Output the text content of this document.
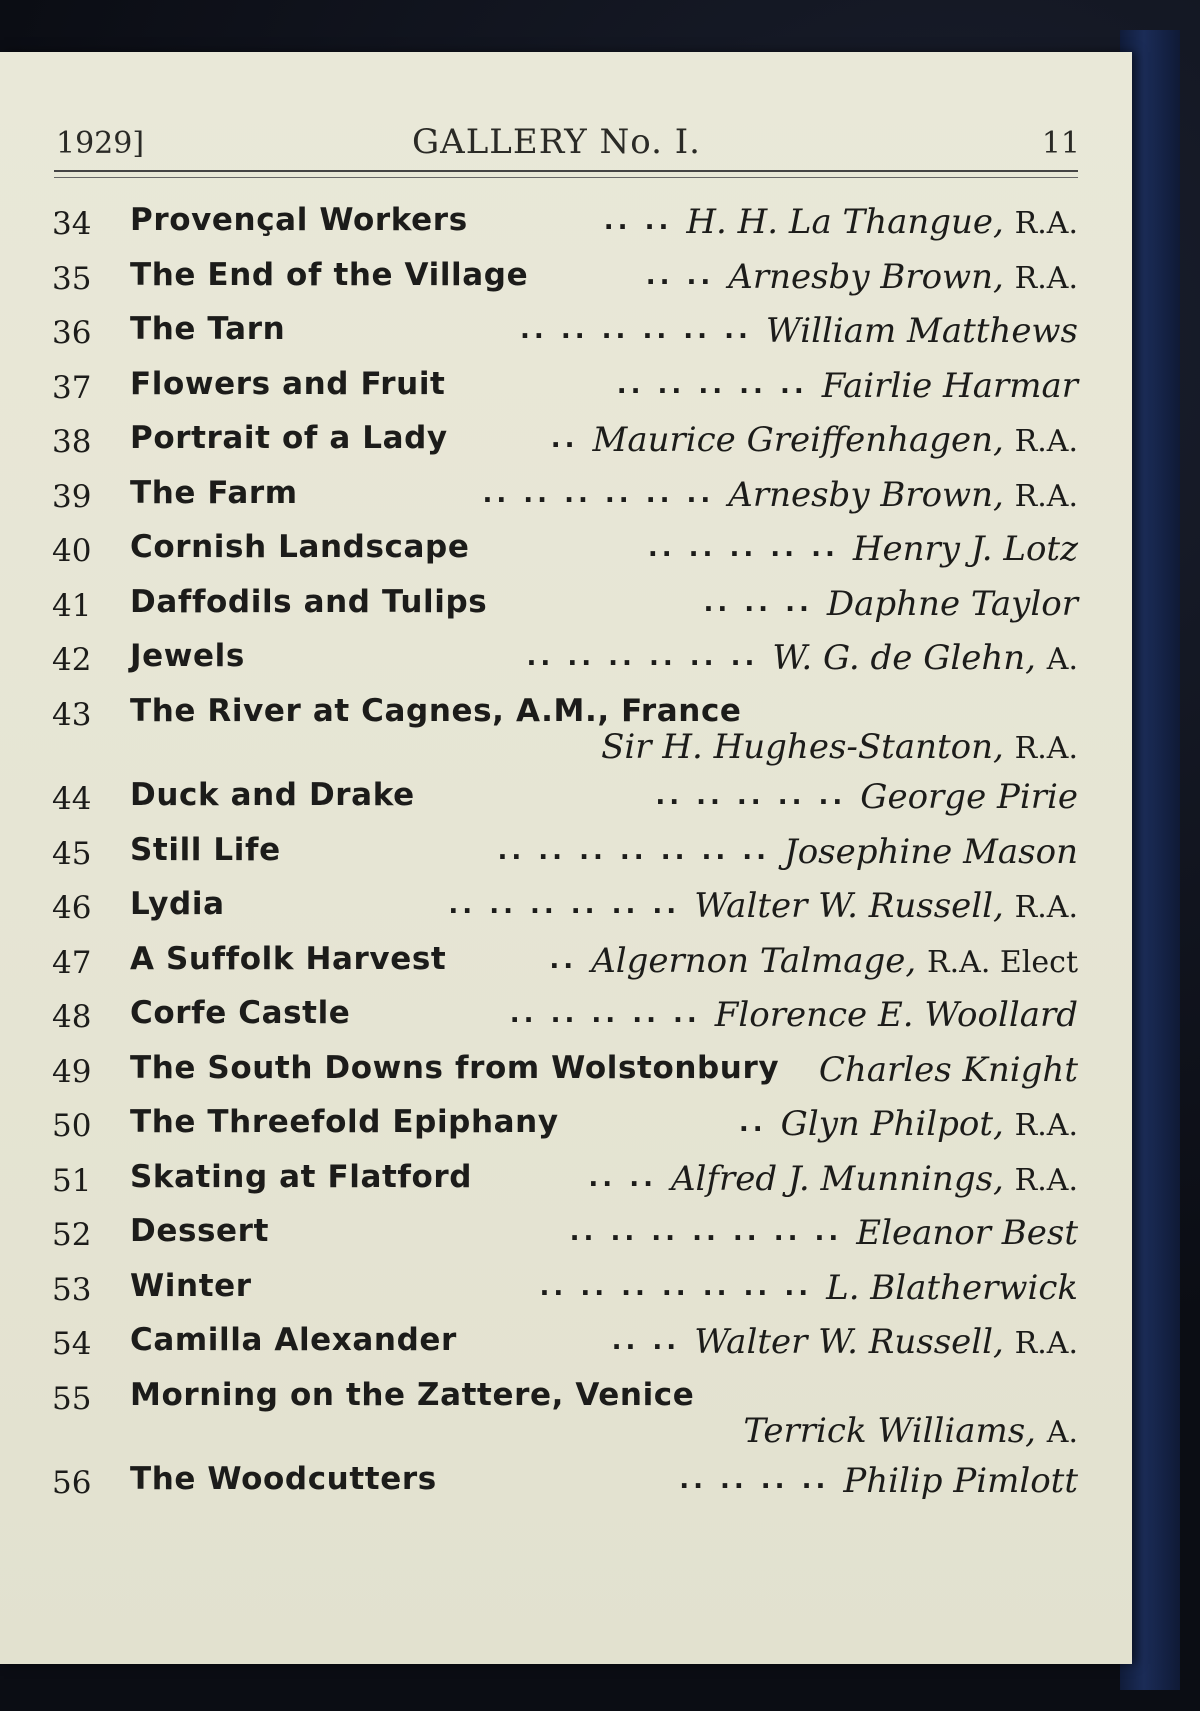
1929]	GALLERY No. I.	11
34	Provençal Workers	.. .. H. H. La Thangue, R.A.
35	The End of the Village	.. .. Arnesby Brown, R.A.
36	The Tarn	.. .. .. .. .. .. William Matthews
37	Flowers and Fruit	.. .. .. .. .. Fairlie Harmar
38	Portrait of a Lady	.. Maurice Greiffenhagen, R.A.
39	The Farm	.. .. .. .. .. .. Arnesby Brown, R.A.
40	Cornish Landscape	.. .. .. .. .. Henry J. Lotz
41	Daffodils and Tulips	.. .. .. Daphne Taylor
42	Jewels	.. .. .. .. .. .. W. G. de Glehn, A.
43	The River at Cagnes, A.M., France
Sir H. Hughes-Stanton, R.A.
44	Duck and Drake	.. .. .. .. .. George Pirie
45	Still Life	.. .. .. .. .. .. .. Josephine Mason
46	Lydia	.. .. .. .. .. .. Walter W. Russell, R.A.
47	A Suffolk Harvest	.. Algernon Talmage, R.A. Elect
48	Corfe Castle	.. .. .. .. .. Florence E. Woollard
49	The South Downs from Wolstonbury Charles Knight
50	The Threefold Epiphany	.. Glyn Philpot, R.A.
51	Skating at Flatford	.. .. Alfred J. Munnings, R.A.
52	Dessert	.. .. .. .. .. .. .. Eleanor Best
53	Winter	.. .. .. .. .. .. .. L. Blatherwick
54	Camilla Alexander	.. .. Walter W. Russell, R.A.
55	Morning on the Zattere, Venice
Terrick Williams, A.
56	The Woodcutters	.. .. .. .. Philip Pimlott
